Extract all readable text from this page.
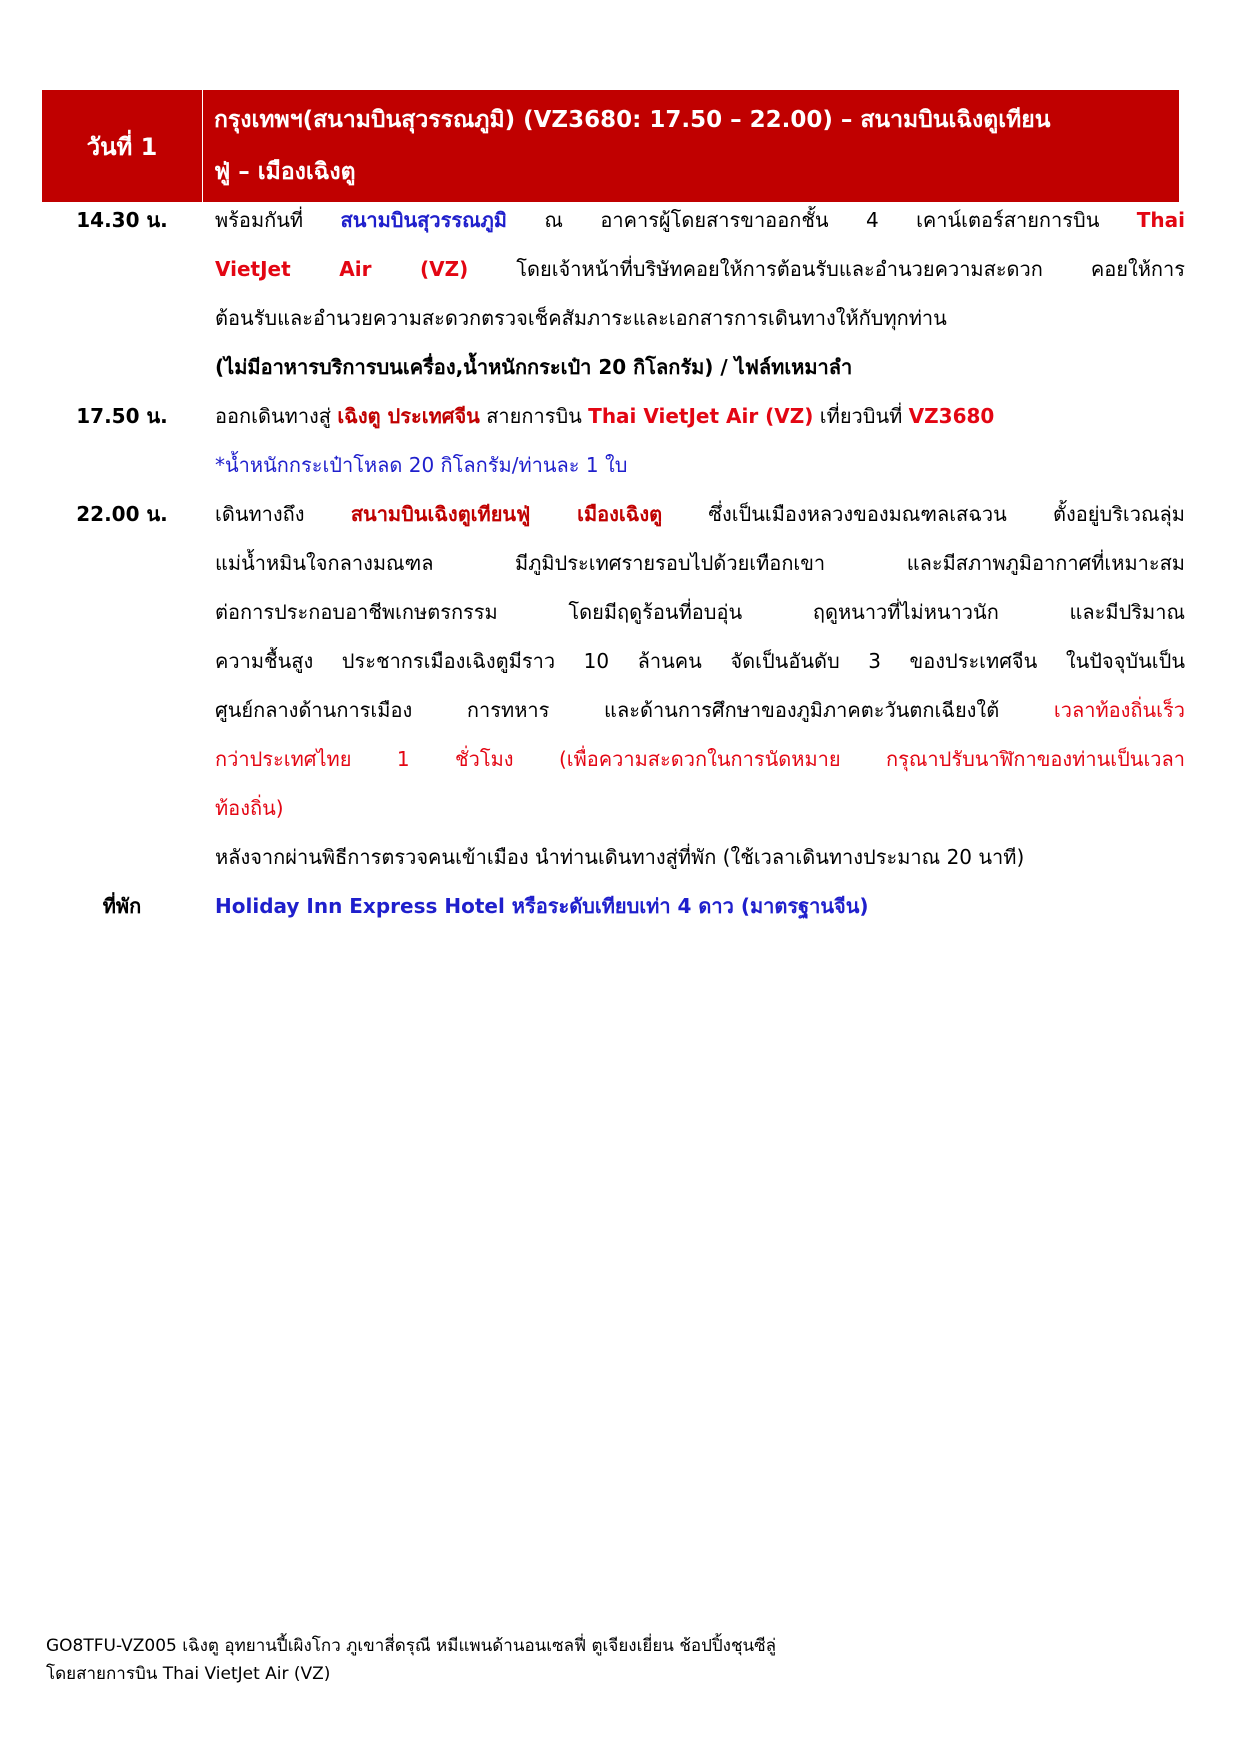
วันที่ 1
กรุงเทพฯ(สนามบินสุวรรณภูมิ) (VZ3680: 17.50 – 22.00) – สนามบินเฉิงตูเทียน
ฟู่ – เมืองเฉิงตู
14.30 น.	พร้อมกันที่ สนามบินสุวรรณภูมิ ณ อาคารผู้โดยสารขาออกชั้น 4 เคาน์เตอร์สายการบิน Thai
VietJet Air (VZ) โดยเจ้าหน้าที่บริษัทคอยให้การต้อนรับและอำนวยความสะดวก คอยให้การ
ต้อนรับและอำนวยความสะดวกตรวจเช็คสัมภาระและเอกสารการเดินทางให้กับทุกท่าน
(ไม่มีอาหารบริการบนเครื่อง,น้ำหนักกระเป๋า 20 กิโลกรัม) / ไฟล์ทเหมาลำ
17.50 น.	ออกเดินทางสู่ เฉิงตู ประเทศจีน สายการบิน Thai VietJet Air (VZ) เที่ยวบินที่ VZ3680
*น้ำหนักกระเป๋าโหลด 20 กิโลกรัม/ท่านละ 1 ใบ
22.00 น.	เดินทางถึง สนามบินเฉิงตูเทียนฟู่ เมืองเฉิงตู ซึ่งเป็นเมืองหลวงของมณฑลเสฉวน ตั้งอยู่บริเวณลุ่ม
แม่น้ำหมินใจกลางมณฑล มีภูมิประเทศรายรอบไปด้วยเทือกเขา และมีสภาพภูมิอากาศที่เหมาะสม
ต่อการประกอบอาชีพเกษตรกรรม โดยมีฤดูร้อนที่อบอุ่น ฤดูหนาวที่ไม่หนาวนัก และมีปริมาณ
ความชื้นสูง ประชากรเมืองเฉิงตูมีราว 10 ล้านคน จัดเป็นอันดับ 3 ของประเทศจีน ในปัจจุบันเป็น
ศูนย์กลางด้านการเมือง การทหาร และด้านการศึกษาของภูมิภาคตะวันตกเฉียงใต้ เวลาท้องถิ่นเร็ว
กว่าประเทศไทย 1 ชั่วโมง (เพื่อความสะดวกในการนัดหมาย กรุณาปรับนาฬิกาของท่านเป็นเวลา
ท้องถิ่น)
หลังจากผ่านพิธีการตรวจคนเข้าเมือง นำท่านเดินทางสู่ที่พัก (ใช้เวลาเดินทางประมาณ 20 นาที)
ที่พัก	Holiday Inn Express Hotel หรือระดับเทียบเท่า 4 ดาว (มาตรฐานจีน)
GO8TFU-VZ005 เฉิงตู อุทยานปี้เผิงโกว ภูเขาสี่ดรุณี หมีแพนด้านอนเซลฟี่ ตูเจียงเยี่ยน ช้อปปิ้งชุนซีลู่
โดยสายการบิน Thai VietJet Air (VZ)
